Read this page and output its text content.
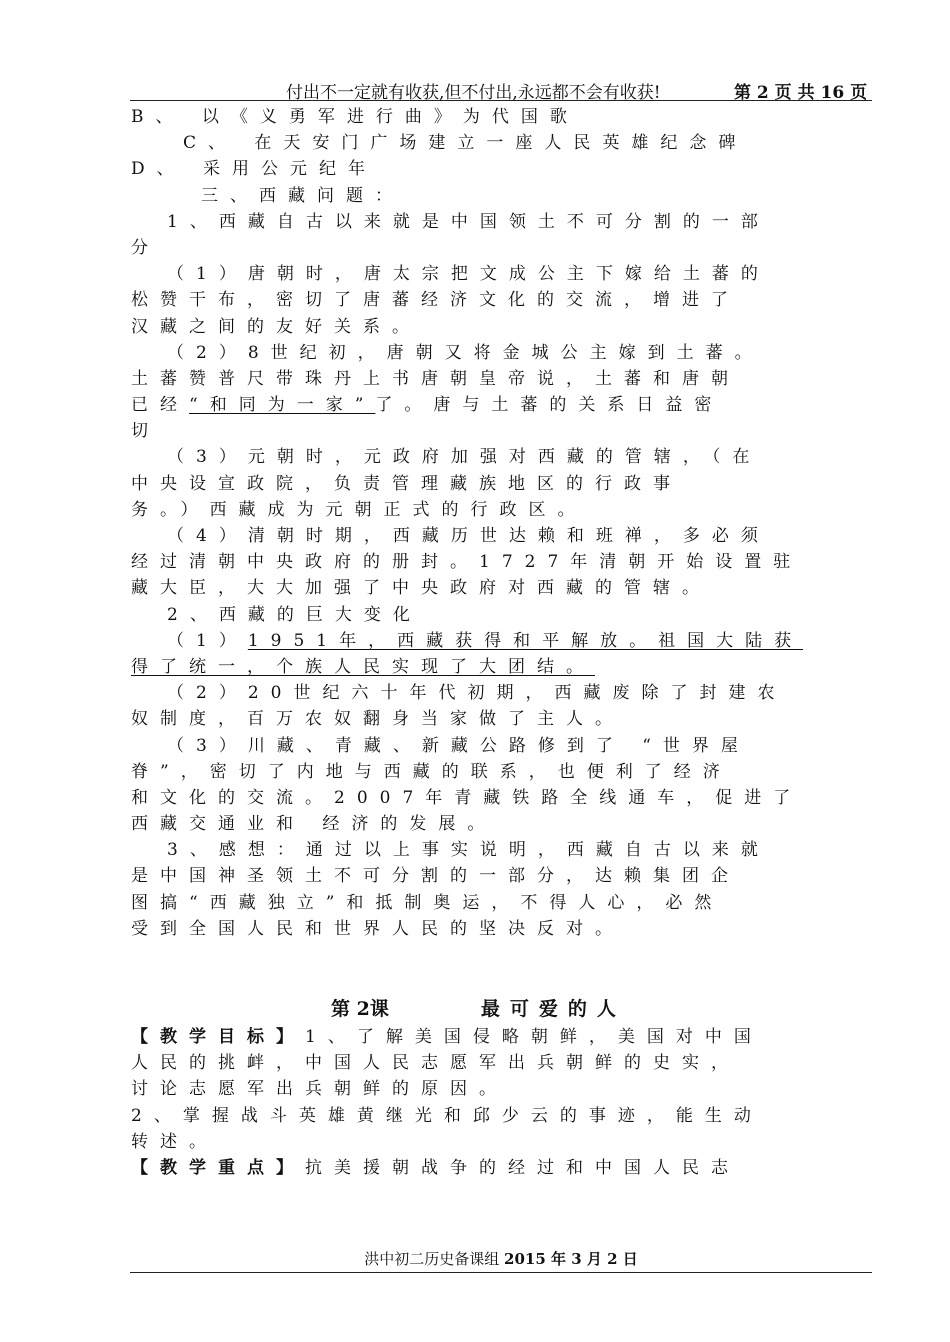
付出不一定就有收获,但不付出,永远都不会有收获!	第 2 页 共 16 页
B、 以《义勇军进行曲》为代国歌
C、 在天安门广场建立一座人民英雄纪念碑
D、 采用公元纪年
三、西藏问题：
1、西藏自古以来就是中国领土不可分割的一部
分
（1）唐朝时，唐太宗把文成公主下嫁给土蕃的
松赞干布，密切了唐蕃经济文化的交流，增进了
汉藏之间的友好关系。
（2）8世纪初，唐朝又将金城公主嫁到土蕃。
土蕃赞普尺带珠丹上书唐朝皇帝说，土蕃和唐朝
已经“和同为一家”了。唐与土蕃的关系日益密
切
（3）元朝时，元政府加强对西藏的管辖，（在
中央设宣政院，负责管理藏族地区的行政事
务。）西藏成为元朝正式的行政区。
（4）清朝时期，西藏历世达赖和班禅，多必须
经过清朝中央政府的册封。1727年清朝开始设置驻
藏大臣，大大加强了中央政府对西藏的管辖。
2、西藏的巨大变化
（1）1951年，西藏获得和平解放。祖国大陆获
得了统一，个族人民实现了大团结。
（2）20世纪六十年代初期，西藏废除了封建农
奴制度，百万农奴翻身当家做了主人。
（3）川藏、青藏、新藏公路修到了 “世界屋
脊”，密切了内地与西藏的联系，也便利了经济
和文化的交流。2007年青藏铁路全线通车，促进了
西藏交通业和 经济的发展。
3、感想：通过以上事实说明，西藏自古以来就
是中国神圣领土不可分割的一部分，达赖集团企
图搞“西藏独立”和抵制奥运，不得人心，必然
受到全国人民和世界人民的坚决反对。
第 2课	最可爱的人
【教学目标】1、了解美国侵略朝鲜，美国对中国
人民的挑衅，中国人民志愿军出兵朝鲜的史实，
讨论志愿军出兵朝鲜的原因。
2、掌握战斗英雄黄继光和邱少云的事迹，能生动
转述。
【教学重点】抗美援朝战争的经过和中国人民志
洪中初二历史备课组 2015 年 3 月 2 日
